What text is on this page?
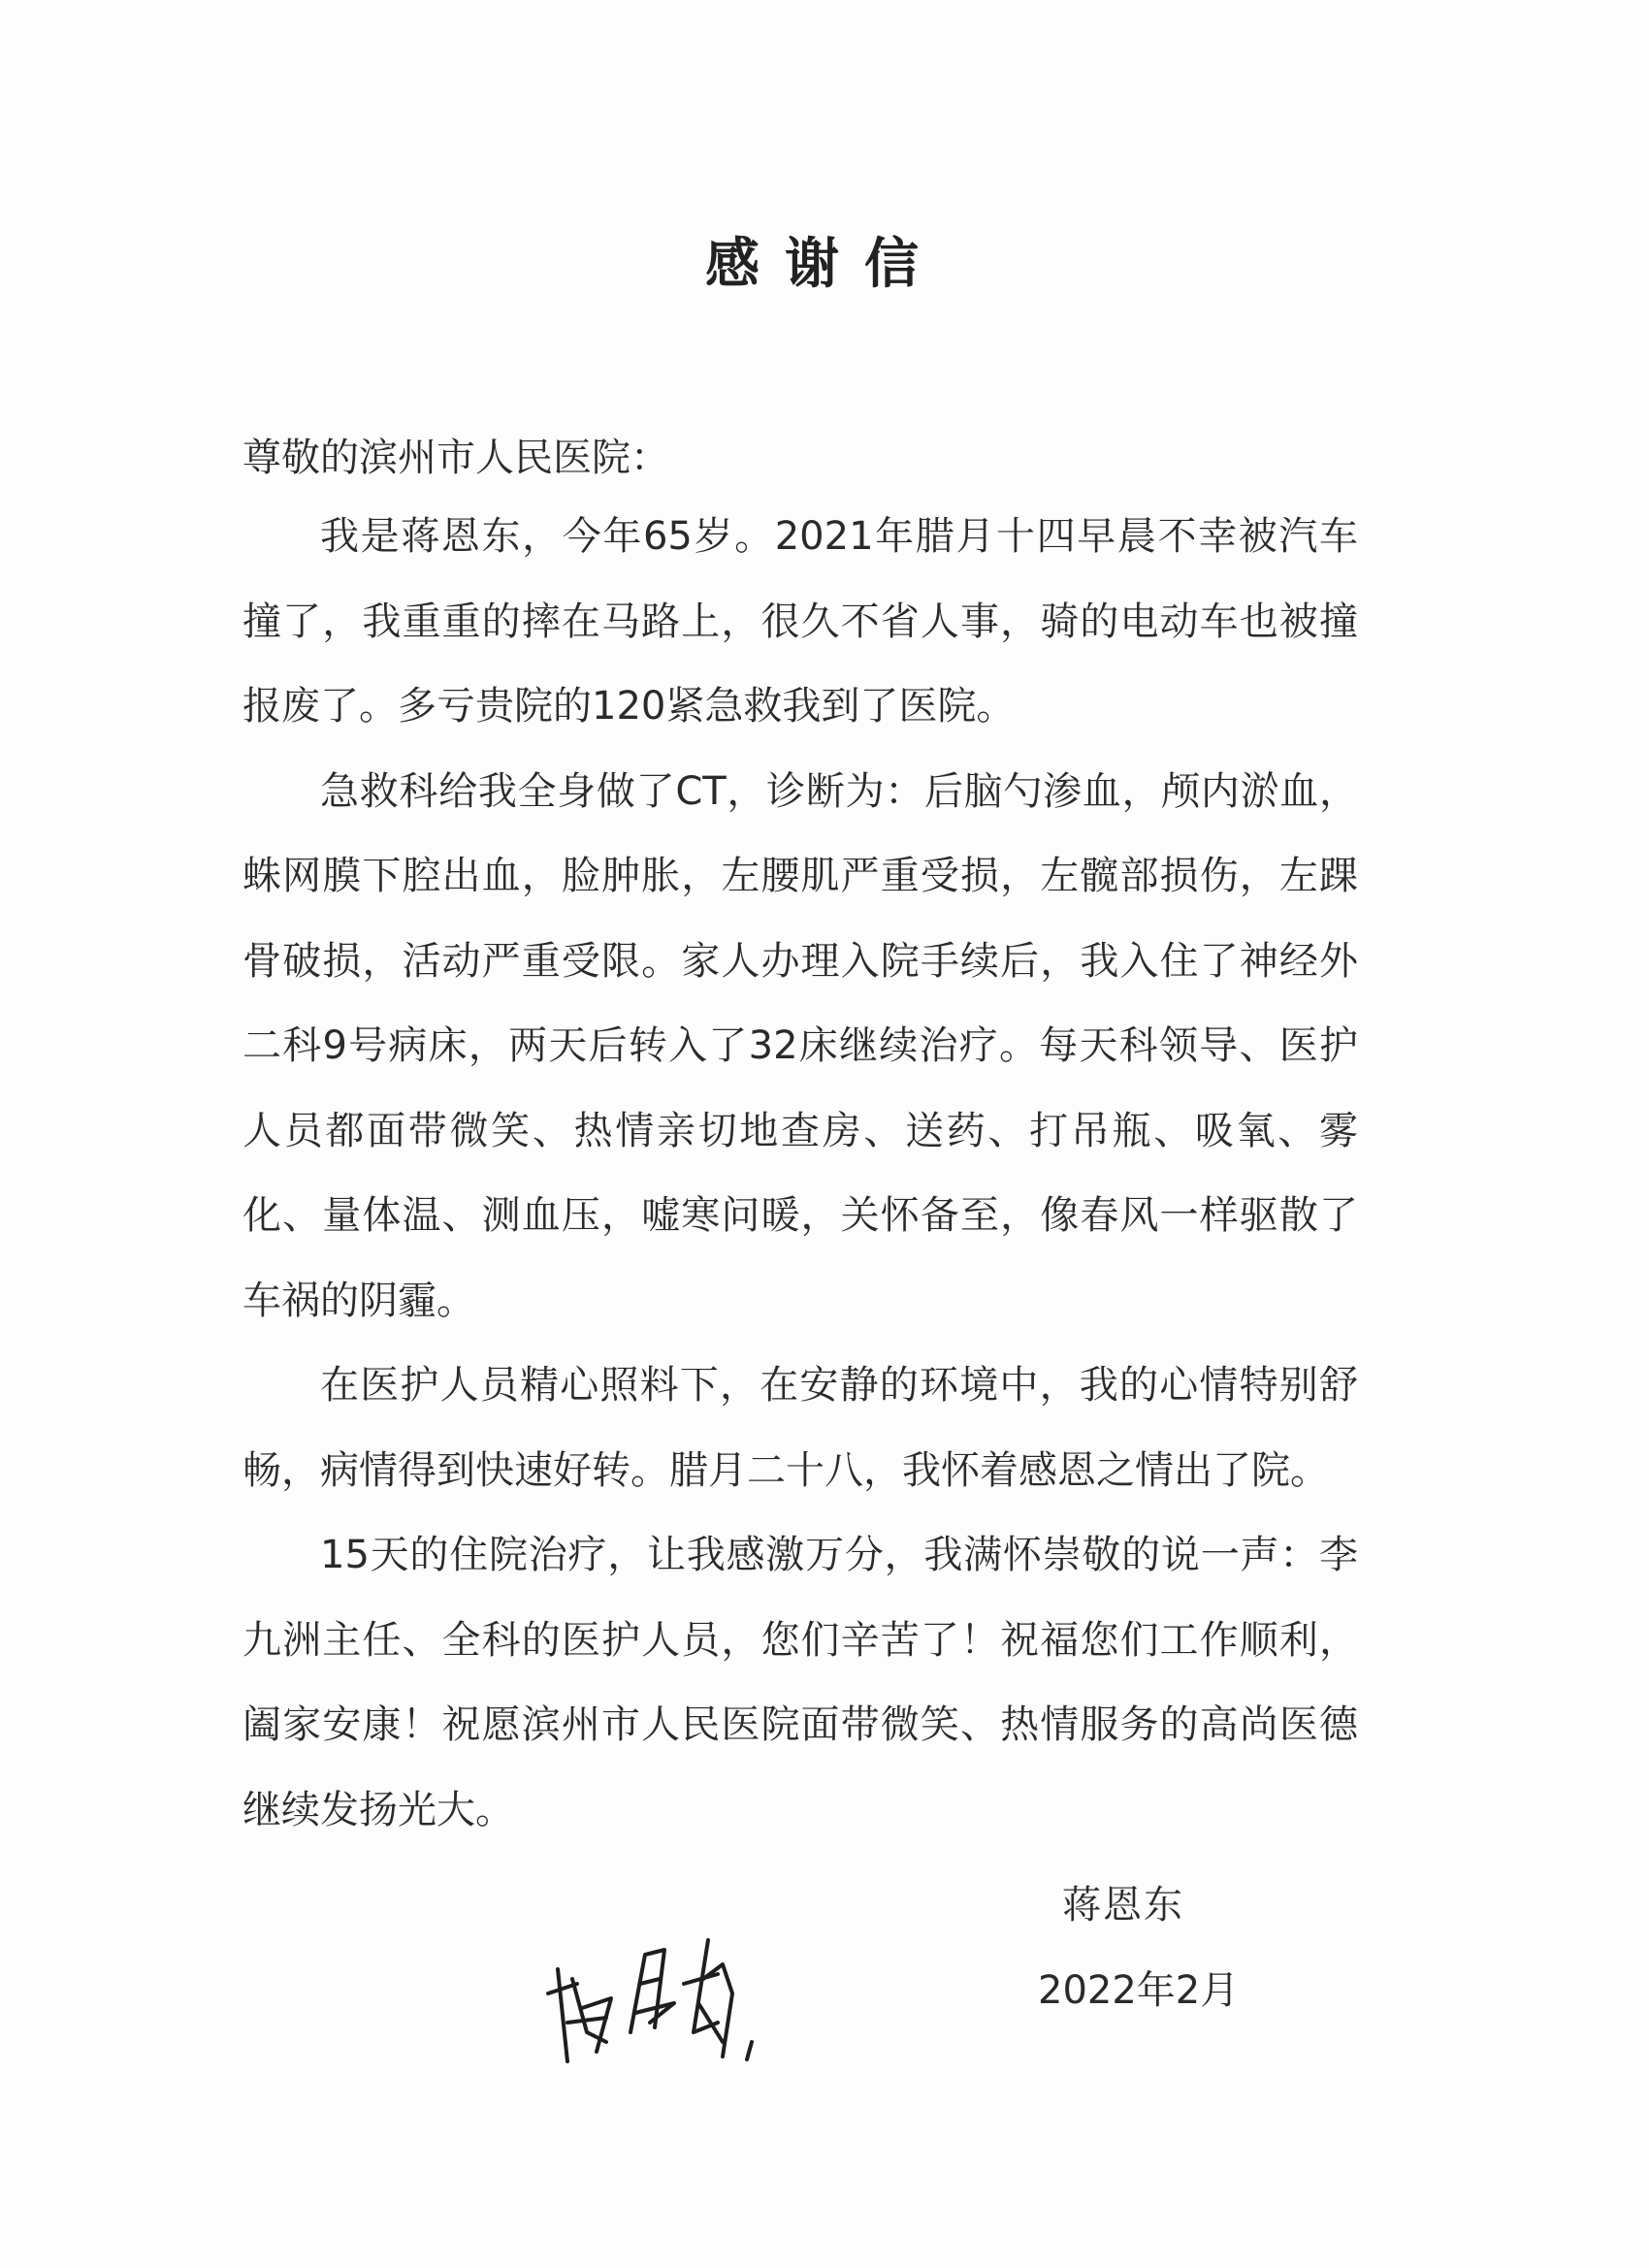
感谢信
尊敬的滨州市人民医院：

我是蒋恩东，今年65岁。2021年腊月十四早晨不幸被汽车撞了，我重重的摔在马路上，很久不省人事，骑的电动车也被撞报废了。多亏贵院的120紧急救我到了医院。

急救科给我全身做了CT，诊断为：后脑勺渗血，颅内淤血，蛛网膜下腔出血，脸肿胀，左腰肌严重受损，左髋部损伤，左踝骨破损，活动严重受限。家人办理入院手续后，我入住了神经外二科9号病床，两天后转入了32床继续治疗。每天科领导、医护人员都面带微笑、热情亲切地查房、送药、打吊瓶、吸氧、雾化、量体温、测血压，嘘寒问暖，关怀备至，像春风一样驱散了车祸的阴霾。

在医护人员精心照料下，在安静的环境中，我的心情特别舒畅，病情得到快速好转。腊月二十八，我怀着感恩之情出了院。

15天的住院治疗，让我感激万分，我满怀崇敬的说一声：李九洲主任、全科的医护人员，您们辛苦了！祝福您们工作顺利，阖家安康！祝愿滨州市人民医院面带微笑、热情服务的高尚医德继续发扬光大。

蒋恩东
2022年2月
